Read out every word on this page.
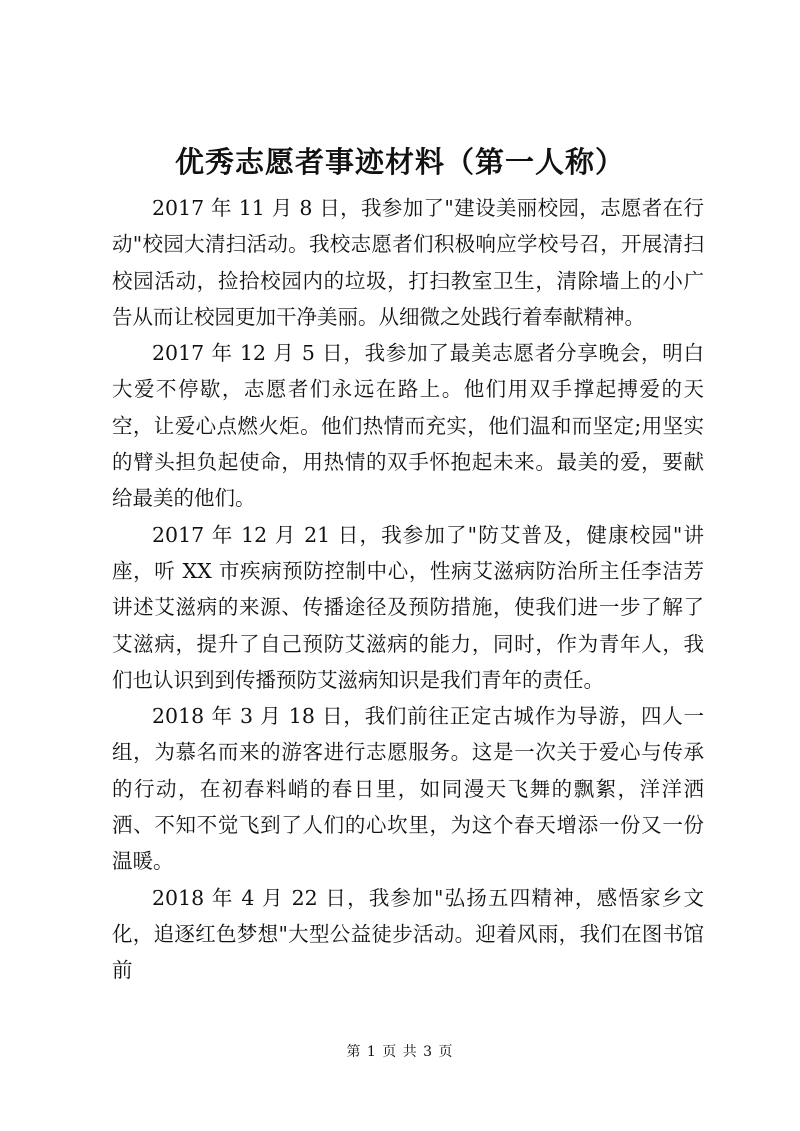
优秀志愿者事迹材料（第一人称）

2017 年 11 月 8 日，我参加了"建设美丽校园，志愿者在行动"校园大清扫活动。我校志愿者们积极响应学校号召，开展清扫校园活动，捡拾校园内的垃圾，打扫教室卫生，清除墙上的小广告从而让校园更加干净美丽。从细微之处践行着奉献精神。

2017 年 12 月 5 日，我参加了最美志愿者分享晚会，明白大爱不停歇，志愿者们永远在路上。他们用双手撑起搏爱的天空，让爱心点燃火炬。他们热情而充实，他们温和而坚定;用坚实的臂头担负起使命，用热情的双手怀抱起未来。最美的爱，要献给最美的他们。

2017 年 12 月 21 日，我参加了"防艾普及，健康校园"讲座，听 XX 市疾病预防控制中心，性病艾滋病防治所主任李洁芳讲述艾滋病的来源、传播途径及预防措施，使我们进一步了解了艾滋病，提升了自己预防艾滋病的能力，同时，作为青年人，我们也认识到到传播预防艾滋病知识是我们青年的责任。

2018 年 3 月 18 日，我们前往正定古城作为导游，四人一组，为慕名而来的游客进行志愿服务。这是一次关于爱心与传承的行动，在初春料峭的春日里，如同漫天飞舞的飘絮，洋洋洒洒、不知不觉飞到了人们的心坎里，为这个春天增添一份又一份温暖。

2018 年 4 月 22 日，我参加"弘扬五四精神，感悟家乡文化，追逐红色梦想"大型公益徒步活动。迎着风雨，我们在图书馆前

第 1 页 共 3 页
